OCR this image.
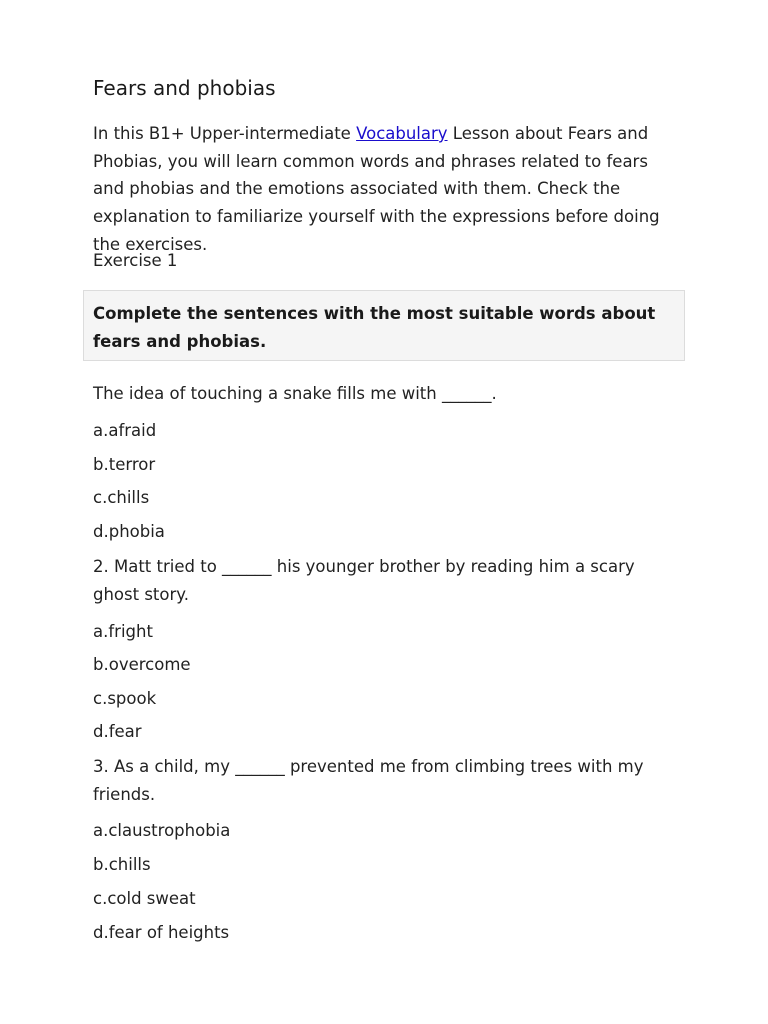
Fears and phobias

In this B1+ Upper-intermediate Vocabulary Lesson about Fears and Phobias, you will learn common words and phrases related to fears and phobias and the emotions associated with them. Check the explanation to familiarize yourself with the expressions before doing the exercises.

Exercise 1

Complete the sentences with the most suitable words about fears and phobias.

The idea of touching a snake fills me with ______.

a.afraid

b.terror

c.chills

d.phobia

2. Matt tried to ______ his younger brother by reading him a scary ghost story.

a.fright

b.overcome

c.spook

d.fear

3. As a child, my ______ prevented me from climbing trees with my friends.

a.claustrophobia

b.chills

c.cold sweat

d.fear of heights
